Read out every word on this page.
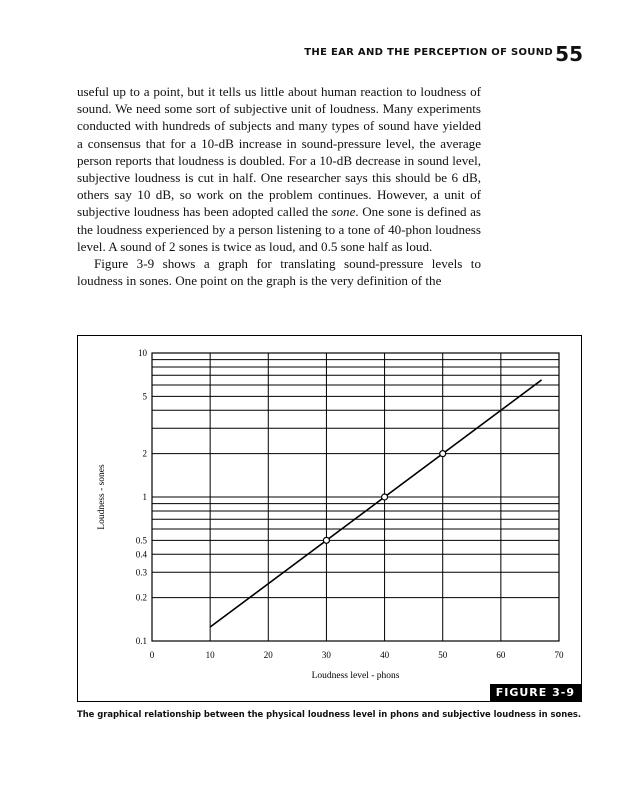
THE EAR AND THE PERCEPTION OF SOUND 55

useful up to a point, but it tells us little about human reaction to loudness of sound. We need some sort of subjective unit of loudness. Many experiments conducted with hundreds of subjects and many types of sound have yielded a consensus that for a 10-dB increase in sound-pressure level, the average person reports that loudness is doubled. For a 10-dB decrease in sound level, subjective loudness is cut in half. One researcher says this should be 6 dB, others say 10 dB, so work on the problem continues. However, a unit of subjective loudness has been adopted called the sone. One sone is defined as the loudness experienced by a person listening to a tone of 40-phon loudness level. A sound of 2 sones is twice as loud, and 0.5 sone half as loud.

Figure 3-9 shows a graph for translating sound-pressure levels to loudness in sones. One point on the graph is the very definition of the

0	10	20	30	40	50	60	70
10
5
2
1
0.5
0.4
0.3
0.2
0.1
Loudness level - phons
Loudness - sones
FIGURE 3-9
The graphical relationship between the physical loudness level in phons and subjective loudness in sones.
